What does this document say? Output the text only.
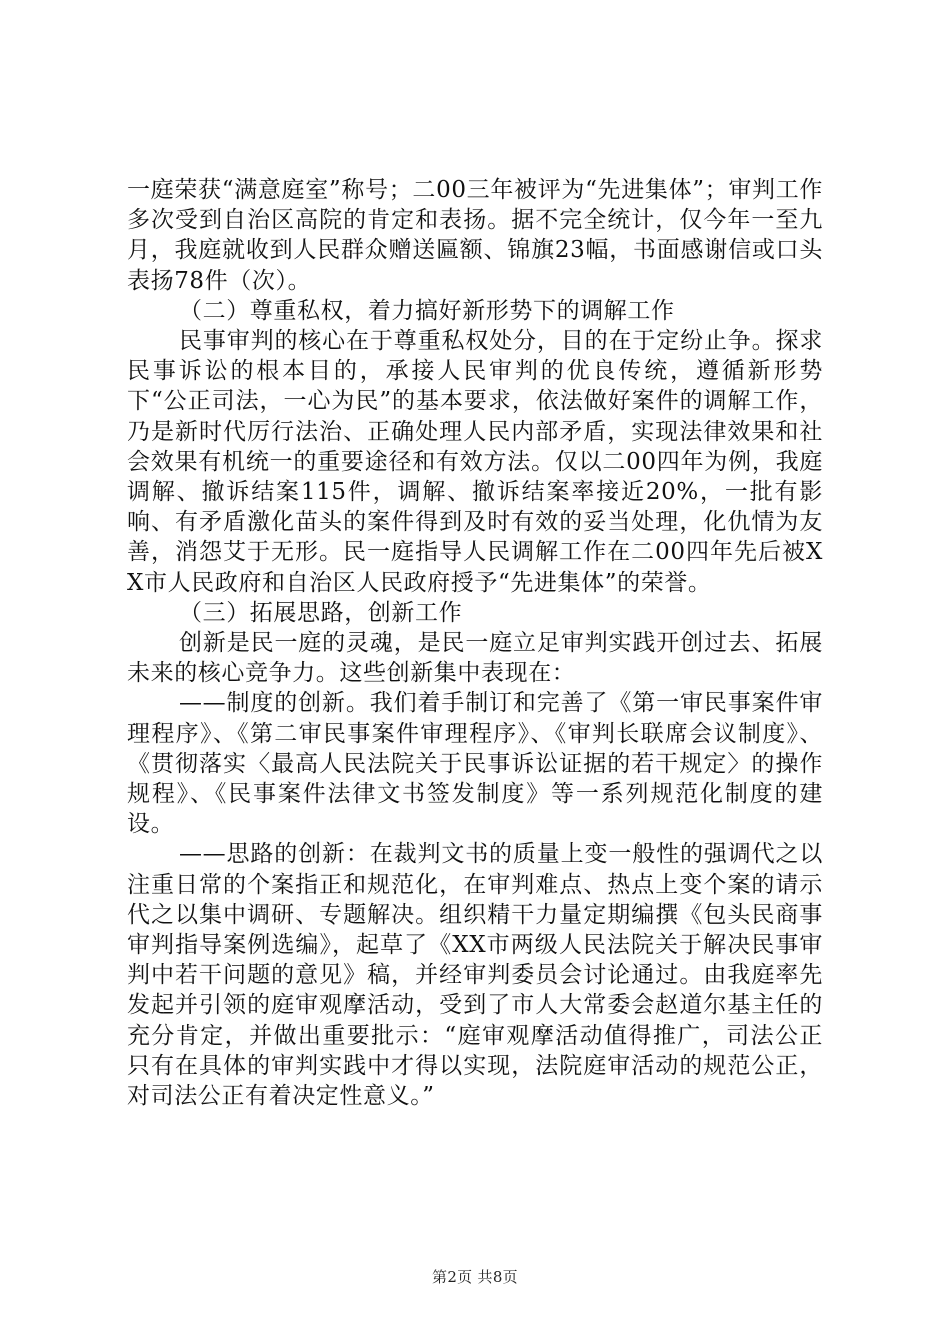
一庭荣获“满意庭室”称号；二00三年被评为“先进集体”；审判工作多次受到自治区高院的肯定和表扬。据不完全统计，仅今年一至九月，我庭就收到人民群众赠送匾额、锦旗23幅，书面感谢信或口头表扬78件（次）。

（二）尊重私权，着力搞好新形势下的调解工作

民事审判的核心在于尊重私权处分，目的在于定纷止争。探求民事诉讼的根本目的，承接人民审判的优良传统，遵循新形势下“公正司法，一心为民”的基本要求，依法做好案件的调解工作，乃是新时代厉行法治、正确处理人民内部矛盾，实现法律效果和社会效果有机统一的重要途径和有效方法。仅以二00四年为例，我庭调解、撤诉结案115件，调解、撤诉结案率接近20%，一批有影响、有矛盾激化苗头的案件得到及时有效的妥当处理，化仇情为友善，消怨艾于无形。民一庭指导人民调解工作在二00四年先后被XX市人民政府和自治区人民政府授予“先进集体”的荣誉。

（三）拓展思路，创新工作

创新是民一庭的灵魂，是民一庭立足审判实践开创过去、拓展未来的核心竞争力。这些创新集中表现在：

——制度的创新。我们着手制订和完善了《第一审民事案件审理程序》、《第二审民事案件审理程序》、《审判长联席会议制度》、《贯彻落实〈最高人民法院关于民事诉讼证据的若干规定〉的操作规程》、《民事案件法律文书签发制度》等一系列规范化制度的建设。

——思路的创新：在裁判文书的质量上变一般性的强调代之以注重日常的个案指正和规范化，在审判难点、热点上变个案的请示代之以集中调研、专题解决。组织精干力量定期编撰《包头民商事审判指导案例选编》，起草了《XX市两级人民法院关于解决民事审判中若干问题的意见》稿，并经审判委员会讨论通过。由我庭率先发起并引领的庭审观摩活动，受到了市人大常委会赵道尔基主任的充分肯定，并做出重要批示：“庭审观摩活动值得推广，司法公正只有在具体的审判实践中才得以实现，法院庭审活动的规范公正，对司法公正有着决定性意义。”

第2页 共8页
